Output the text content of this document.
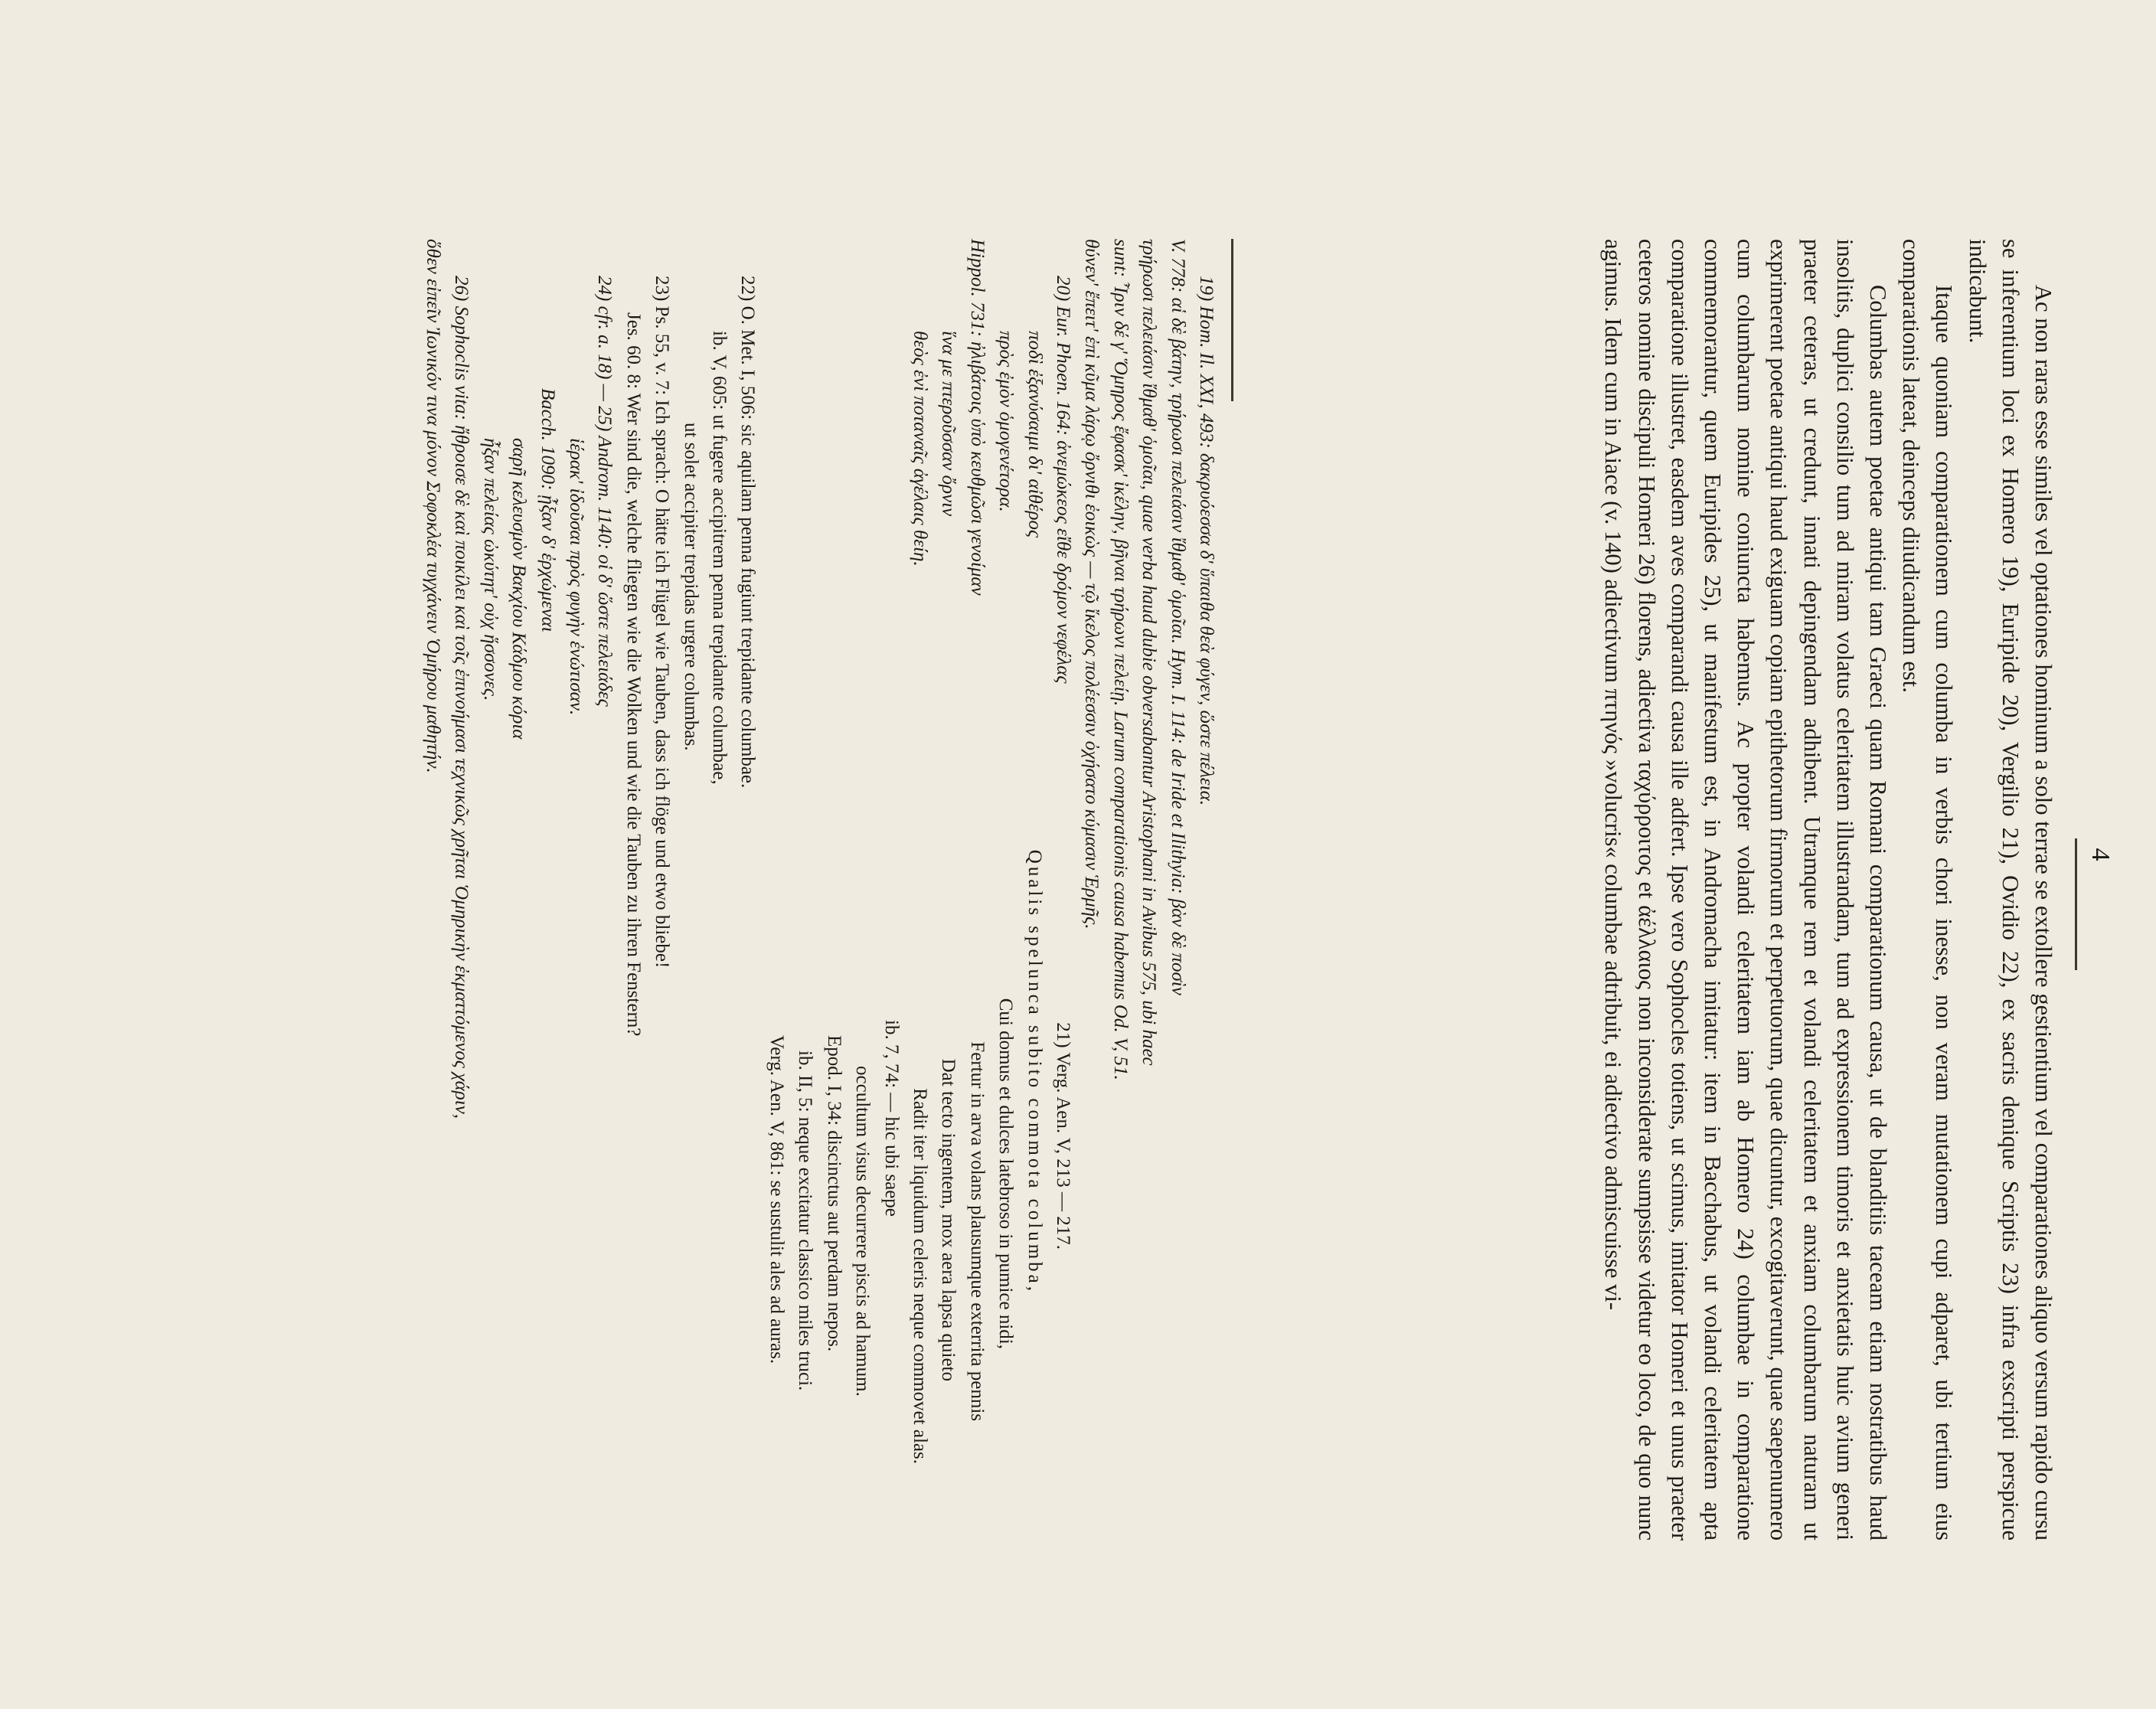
4

Ac non raras esse similes vel optationes hominum a solo terrae se extollere gestientium vel comparationes aliquo versum rapido cursu se inferentium loci ex Homero 19), Euripide 20), Vergilio 21), Ovidio 22), ex sacris denique Scriptis 23) infra exscripti perspicue indicabunt.

Itaque quoniam comparationem cum columba in verbis chori inesse, non veram mutationem cupi adparet, ubi tertium eius comparationis lateat, deinceps diiudicandum est.

Columbas autem poetae antiqui tam Graeci quam Romani comparationum causa, ut de blanditiis taceam etiam nostratibus haud insolitis, duplici consilio tum ad miram volatus celeritatem illustrandam, tum ad expressionem timoris et anxietatis huic avium generi praeter ceteras, ut credunt, innati depingendam adhibent. Utramque rem et volandi celeritatem et anxiam columbarum naturam ut exprimerent poetae antiqui haud exiguam copiam epithetorum firmorum et perpetuorum, quae dicuntur, excogitaverunt, quae saepenumero cum columbarum nomine coniuncta habemus. Ac propter volandi celeritatem iam ab Homero 24) columbae in comparatione commemorantur, quem Euripides 25), ut manifestum est, in Andromacha imitatur: item in Bacchabus, ut volandi celeritatem apta comparatione illustret, easdem aves comparandi causa ille adfert. Ipse vero Sophocles totiens, ut scimus, imitator Homeri et unus praeter ceteros nomine discipuli Homeri 26) florens, adiectiva ταχύρροιτος et ἀέλλαιος non inconsiderate sumpsisse videtur eo loco, de quo nunc agimus. Idem cum in Aiace (v. 140) adiectivum πτηνός »volucris« columbae adtribuit, ei adiectivo admiscuisse vi-

19) Hom. Il. XXI, 493: δακρυόεσσα δ' ὕπαιθα θεὰ φύγεν, ὥστε πέλεια.
V. 778: αἱ δὲ βάτην, τρήρωσι πελειάσιν ἴθμαθ' ὁμοῖαι. Hym. I. 114: de Iride et Ilithyia: βὰν δὲ ποσὶν
τρήρωσι πελειάσιν ἴθμαθ' ὁμοῖαι, quae verba haud dubie obversabantur Aristophani in Avibus 575, ubi haec
sunt: Ἶριν δέ γ' Ὅμηρος ἔφασκ' ἰκέλην, βῆναι τρήρωνι πελείῃ. Larum comparationis causa habemus Od. V, 51.
θύνεν' ἔπειτ' ἐπὶ κῦμα λάρῳ ὄρνιθι ἐοικὼς — τῷ ἴκελος πολέεσσιν ὀχήσατο κύμασιν Ἑρμῆς.
20) Eur. Phoen. 164: ἀνεμώκεος εἴθε δρόμον νεφέλας
21) Verg. Aen. V, 213 — 217.
ποδὶ ἐξανύσαιμι δι' αἰθέρος
Qualis spelunca subito commota columba,
πρὸς ἐμὸν ὁμογενέτορα.
Cui domus et dulces latebroso in pumice nidi,
Hippol. 731: ἠλιβάτοις ὑπὸ κευθμῶσι γενοίμαν
Fertur in arva volans plausumque exterrita pennis
ἵνα με πτεροῦσσαν ὄρνιν
Dat tecto ingentem, mox aera lapsa quieto
θεὸς ἐνὶ ποταναῖς ἀγέλαις θείη.
Radit iter liquidum celeris neque commovet alas.
ib. 7, 74: — hic ubi saepe
occultum visus decurrere piscis ad hamum.
Epod. I, 34: discinctus aut perdam nepos.
ib. II, 5: neque excitatur classico miles truci.
Verg. Aen. V, 861: se sustulit ales ad auras.
22) O. Met. I, 506: sic aquilam penna fugiunt trepidante columbae.
ib. V, 605: ut fugere accipitrem penna trepidante columbae,
ut solet accipiter trepidas urgere columbas.
23) Ps. 55, v. 7: Ich sprach: O hätte ich Flügel wie Tauben, dass ich flöge und etwo bliebe!
Jes. 60. 8: Wer sind die, welche fliegen wie die Wolken und wie die Tauben zu ihren Fenstern?
24) cfr. a. 18) — 25) Androm. 1140: οἱ δ' ὥστε πελειάδες
ἱέρακ' ἰδοῦσαι πρὸς φυγὴν ἐνώτισαν.
Bacch. 1090: ᾖξαν δ' ἐρχώμεναι
σαρῆ κελευσμὸν Βακχίου Κάδμου κόρια
ἦξαν πελείας ὠκύτητ' οὐχ ἥσσονες.
26) Sophoclis vita: ἤθροισε δὲ καὶ ποικίλει καὶ τοῖς ἐπινοήμασι τεχνικῶς χρῆται Ὁμηρικὴν ἐκματτόμενος χάριν,
ὅθεν εἰπεῖν Ἰωνικόν τινα μόνον Σοφοκλέα τυγχάνειν Ὁμήρου μαθητήν.
